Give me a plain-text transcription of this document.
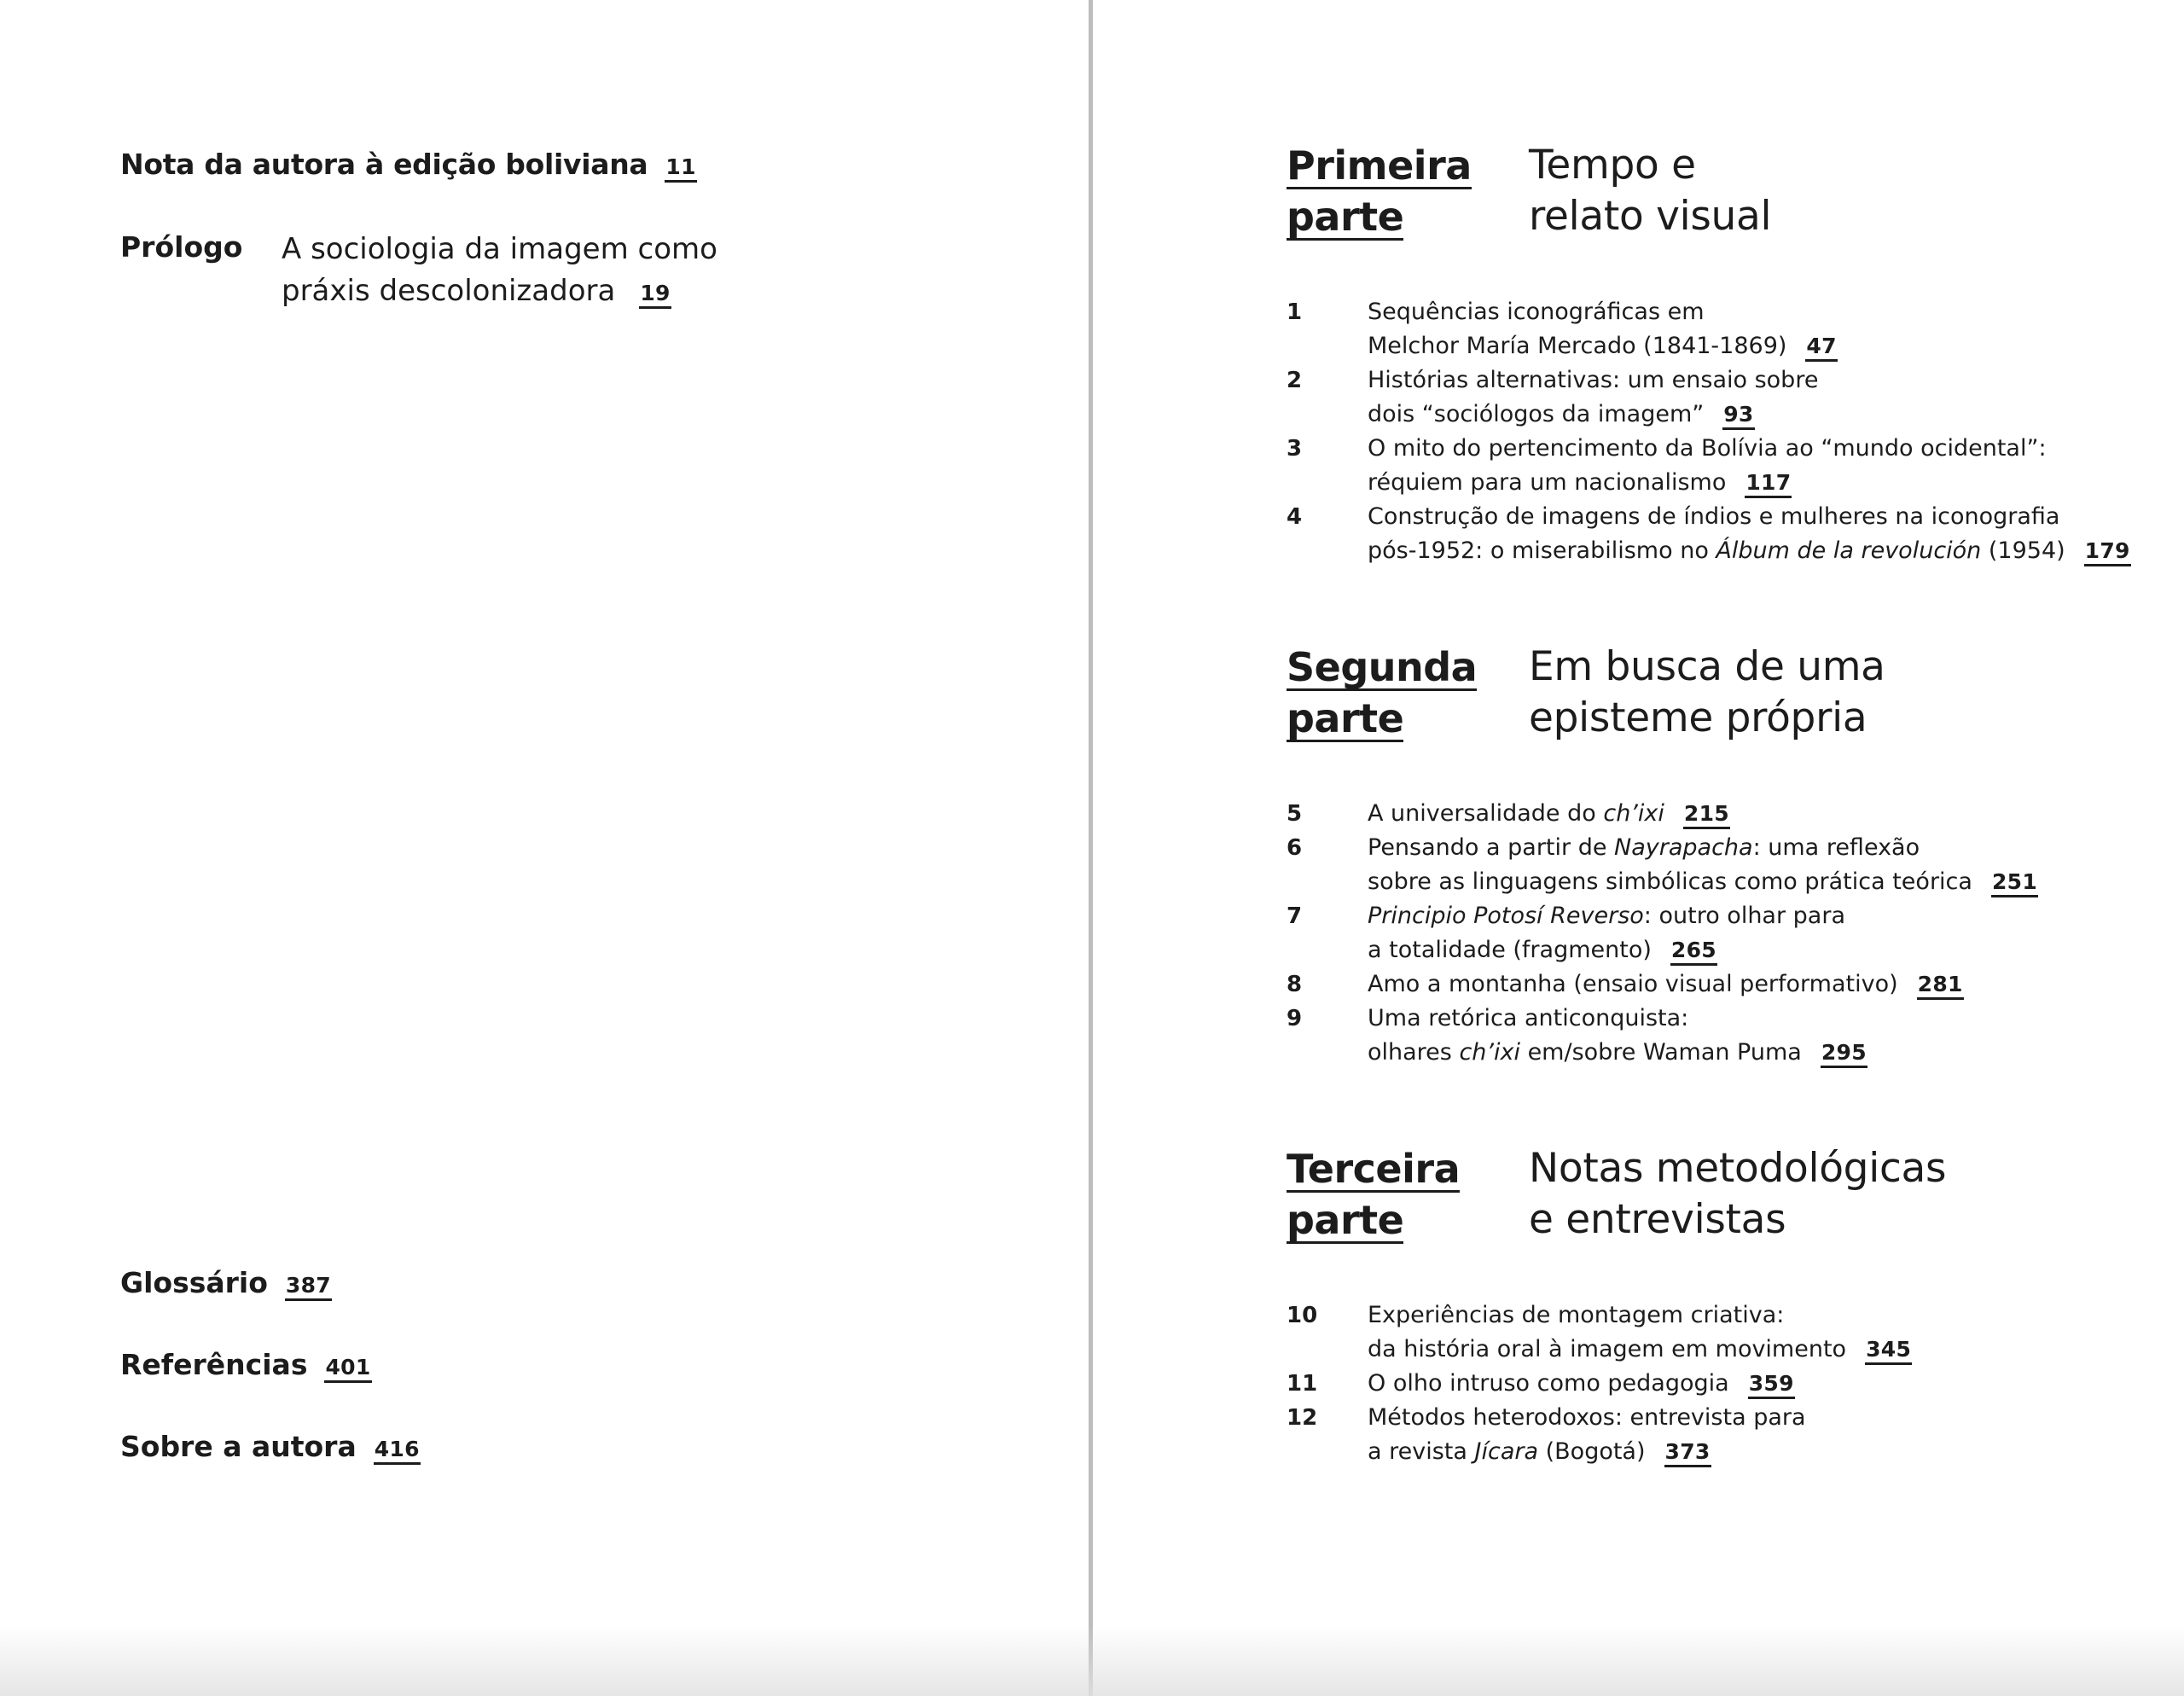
Nota da autora à edição boliviana 11
Prólogo A sociologia da imagem como
práxis descolonizadora 19
Glossário 387
Referências 401
Sobre a autora 416
Primeira
parte
Tempo e
relato visual
1	Sequências iconográficas em
Melchor María Mercado (1841-1869) 47
2	Histórias alternativas: um ensaio sobre
dois “sociólogos da imagem” 93
3	O mito do pertencimento da Bolívia ao “mundo ocidental”:
réquiem para um nacionalismo 117
4	Construção de imagens de índios e mulheres na iconografia
pós-1952: o miserabilismo no Álbum de la revolución (1954) 179
Segunda
parte
Em busca de uma
episteme própria
5	A universalidade do ch’ixi 215
6	Pensando a partir de Nayrapacha: uma reflexão
sobre as linguagens simbólicas como prática teórica 251
7	Principio Potosí Reverso: outro olhar para
a totalidade (fragmento) 265
8	Amo a montanha (ensaio visual performativo) 281
9	Uma retórica anticonquista:
olhares ch’ixi em/sobre Waman Puma 295
Terceira
parte
Notas metodológicas
e entrevistas
10 Experiências de montagem criativa:
da história oral à imagem em movimento 345
11 O olho intruso como pedagogia 359
12 Métodos heterodoxos: entrevista para
a revista Jícara (Bogotá) 373
